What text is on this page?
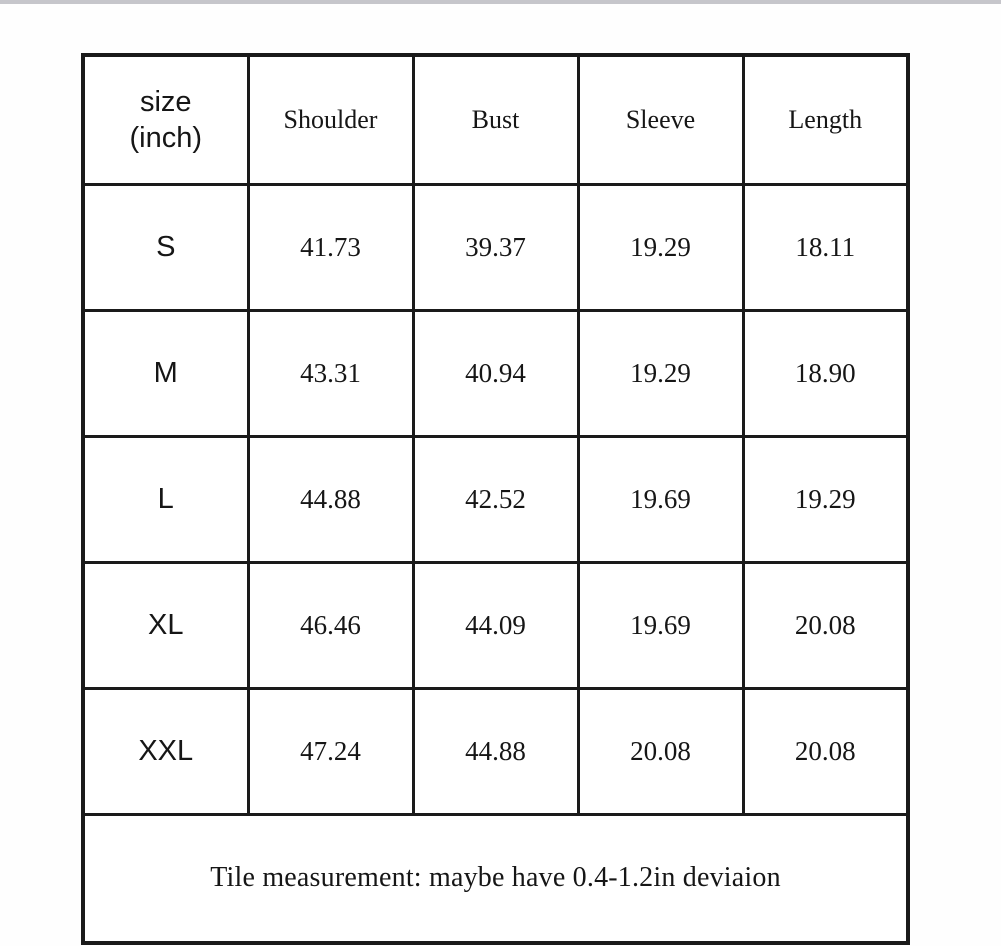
size
(inch)	Shoulder	Bust	Sleeve	Length
S	41.73	39.37	19.29	18.11
M	43.31	40.94	19.29	18.90
L	44.88	42.52	19.69	19.29
XL	46.46	44.09	19.69	20.08
XXL	47.24	44.88	20.08	20.08
Tile measurement: maybe have 0.4-1.2in deviaion				
